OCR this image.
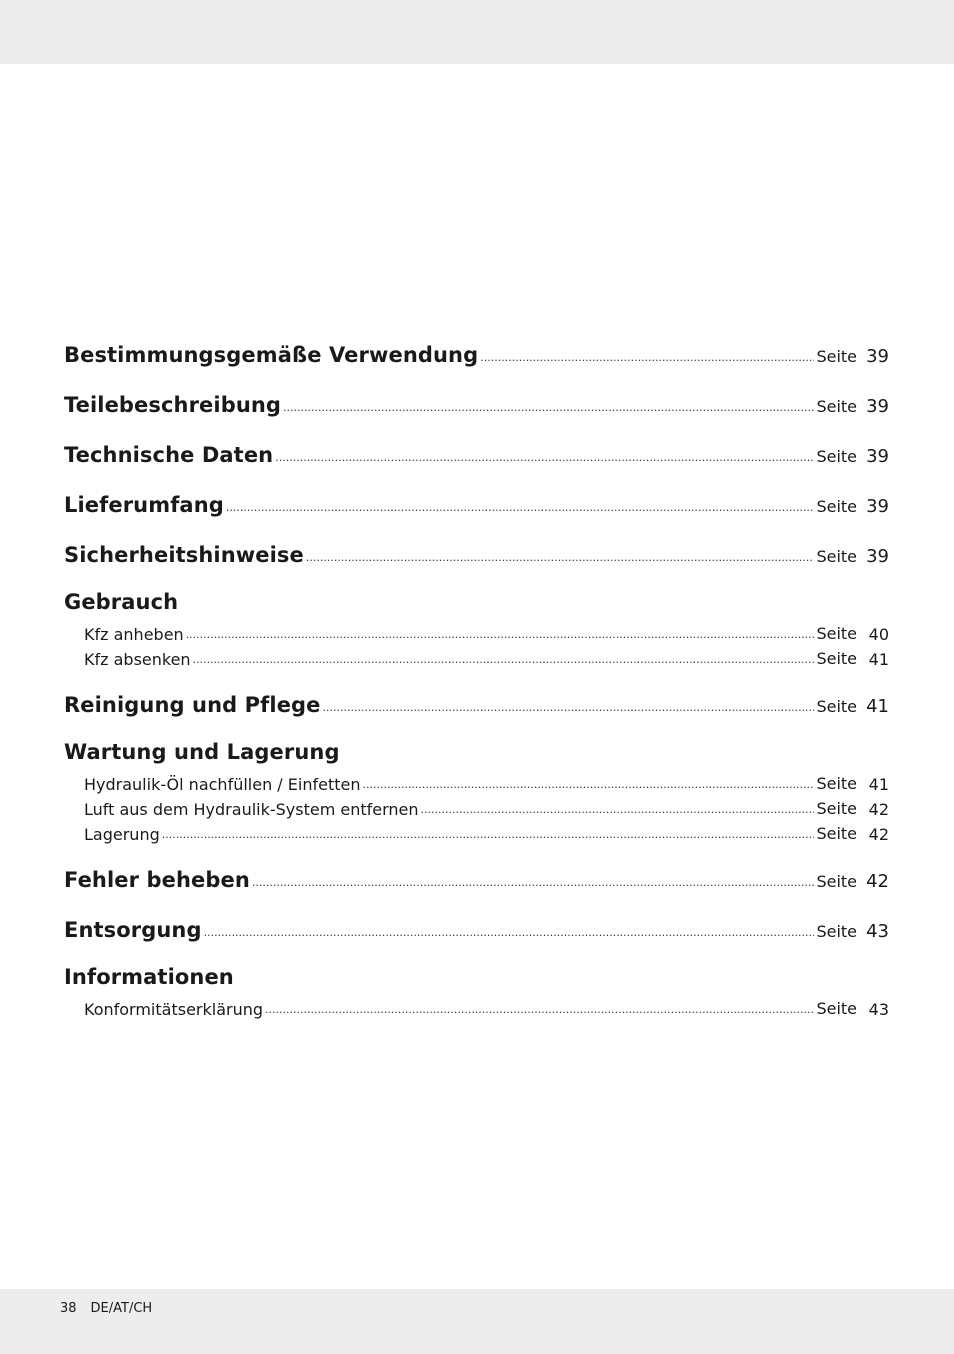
Bestimmungsgemäße Verwendung .....	Seite 39
Teilebeschreibung .....	Seite 39
Technische Daten .....	Seite 39
Lieferumfang .....	Seite 39
Sicherheitshinweise .....	Seite 39
Gebrauch
Kfz anheben .....	Seite 40
Kfz absenken .....	Seite 41
Reinigung und Pflege .....	Seite 41
Wartung und Lagerung
Hydraulik-Öl nachfüllen / Einfetten .....	Seite 41
Luft aus dem Hydraulik-System entfernen .....	Seite 42
Lagerung .....	Seite 42
Fehler beheben .....	Seite 42
Entsorgung .....	Seite 43
Informationen
Konformitätserklärung .....	Seite 43
38 DE/AT/CH
